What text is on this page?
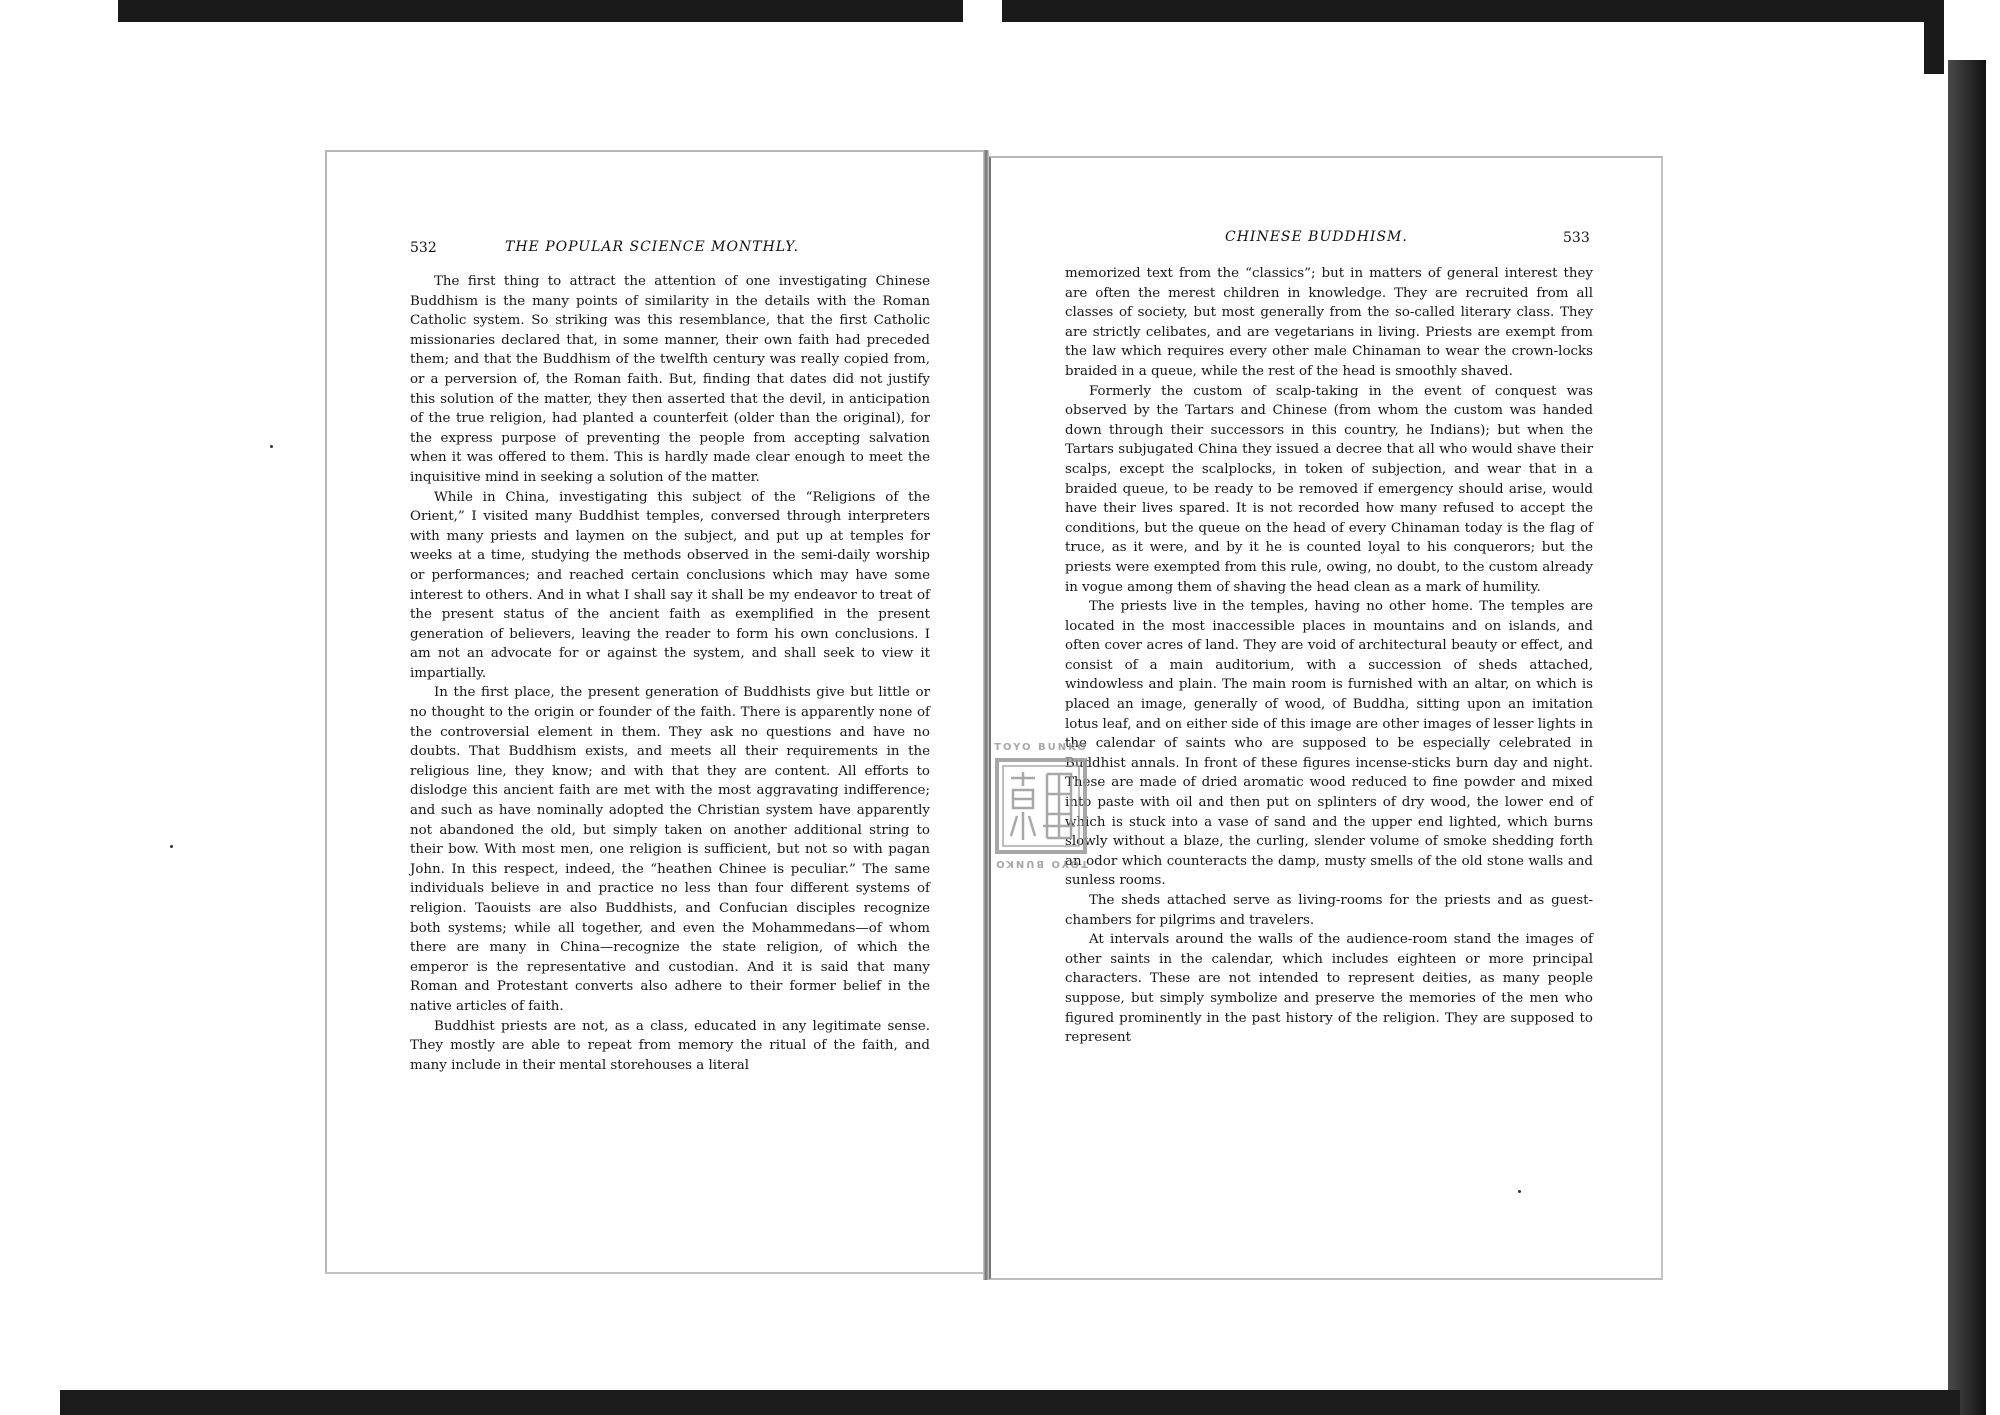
532	THE POPULAR SCIENCE MONTHLY.
CHINESE BUDDHISM.	533

The first thing to attract the attention of one investigating Chinese Buddhism is the many points of similarity in the details with the Roman Catholic system. So striking was this resemblance, that the first Catholic missionaries declared that, in some manner, their own faith had preceded them; and that the Buddhism of the twelfth century was really copied from, or a perversion of, the Roman faith. But, finding that dates did not justify this solution of the matter, they then asserted that the devil, in anticipation of the true religion, had planted a counterfeit (older than the original), for the express purpose of preventing the people from accepting salvation when it was offered to them. This is hardly made clear enough to meet the inquisitive mind in seeking a solution of the matter.

While in China, investigating this subject of the “Religions of the Orient,” I visited many Buddhist temples, conversed through interpreters with many priests and laymen on the subject, and put up at temples for weeks at a time, studying the methods observed in the semi-daily worship or performances; and reached certain conclusions which may have some interest to others. And in what I shall say it shall be my endeavor to treat of the present status of the ancient faith as exemplified in the present generation of believers, leaving the reader to form his own conclusions. I am not an advocate for or against the system, and shall seek to view it impartially.

In the first place, the present generation of Buddhists give but little or no thought to the origin or founder of the faith. There is apparently none of the controversial element in them. They ask no questions and have no doubts. That Buddhism exists, and meets all their requirements in the religious line, they know; and with that they are content. All efforts to dislodge this ancient faith are met with the most aggravating indifference; and such as have nominally adopted the Christian system have apparently not abandoned the old, but simply taken on another additional string to their bow. With most men, one religion is sufficient, but not so with pagan John. In this respect, indeed, the “heathen Chinee is peculiar.” The same individuals believe in and practice no less than four different systems of religion. Taouists are also Buddhists, and Confucian disciples recognize both systems; while all together, and even the Mohammedans—of whom there are many in China—recognize the state religion, of which the emperor is the representative and custodian. And it is said that many Roman and Protestant converts also adhere to their former belief in the native articles of faith.

Buddhist priests are not, as a class, educated in any legitimate sense. They mostly are able to repeat from memory the ritual of the faith, and many include in their mental storehouses a literal

memorized text from the “classics”; but in matters of general interest they are often the merest children in knowledge. They are recruited from all classes of society, but most generally from the so-called literary class. They are strictly celibates, and are vegetarians in living. Priests are exempt from the law which requires every other male Chinaman to wear the crown-locks braided in a queue, while the rest of the head is smoothly shaved.

Formerly the custom of scalp-taking in the event of conquest was observed by the Tartars and Chinese (from whom the custom was handed down through their successors in this country, he Indians); but when the Tartars subjugated China they issued a decree that all who would shave their scalps, except the scalplocks, in token of subjection, and wear that in a braided queue, to be ready to be removed if emergency should arise, would have their lives spared. It is not recorded how many refused to accept the conditions, but the queue on the head of every Chinaman today is the flag of truce, as it were, and by it he is counted loyal to his conquerors; but the priests were exempted from this rule, owing, no doubt, to the custom already in vogue among them of shaving the head clean as a mark of humility.

The priests live in the temples, having no other home. The temples are located in the most inaccessible places in mountains and on islands, and often cover acres of land. They are void of architectural beauty or effect, and consist of a main auditorium, with a succession of sheds attached, windowless and plain. The main room is furnished with an altar, on which is placed an image, generally of wood, of Buddha, sitting upon an imitation lotus leaf, and on either side of this image are other images of lesser lights in the calendar of saints who are supposed to be especially celebrated in Buddhist annals. In front of these figures incense-sticks burn day and night. These are made of dried aromatic wood reduced to fine powder and mixed into paste with oil and then put on splinters of dry wood, the lower end of which is stuck into a vase of sand and the upper end lighted, which burns slowly without a blaze, the curling, slender volume of smoke shedding forth an odor which counteracts the damp, musty smells of the old stone walls and sunless rooms.

The sheds attached serve as living-rooms for the priests and as guest-chambers for pilgrims and travelers.

At intervals around the walls of the audience-room stand the images of other saints in the calendar, which includes eighteen or more principal characters. These are not intended to represent deities, as many people suppose, but simply symbolize and preserve the memories of the men who figured prominently in the past history of the religion. They are supposed to represent

TOYO BUNKO
TOYO BUNKO
